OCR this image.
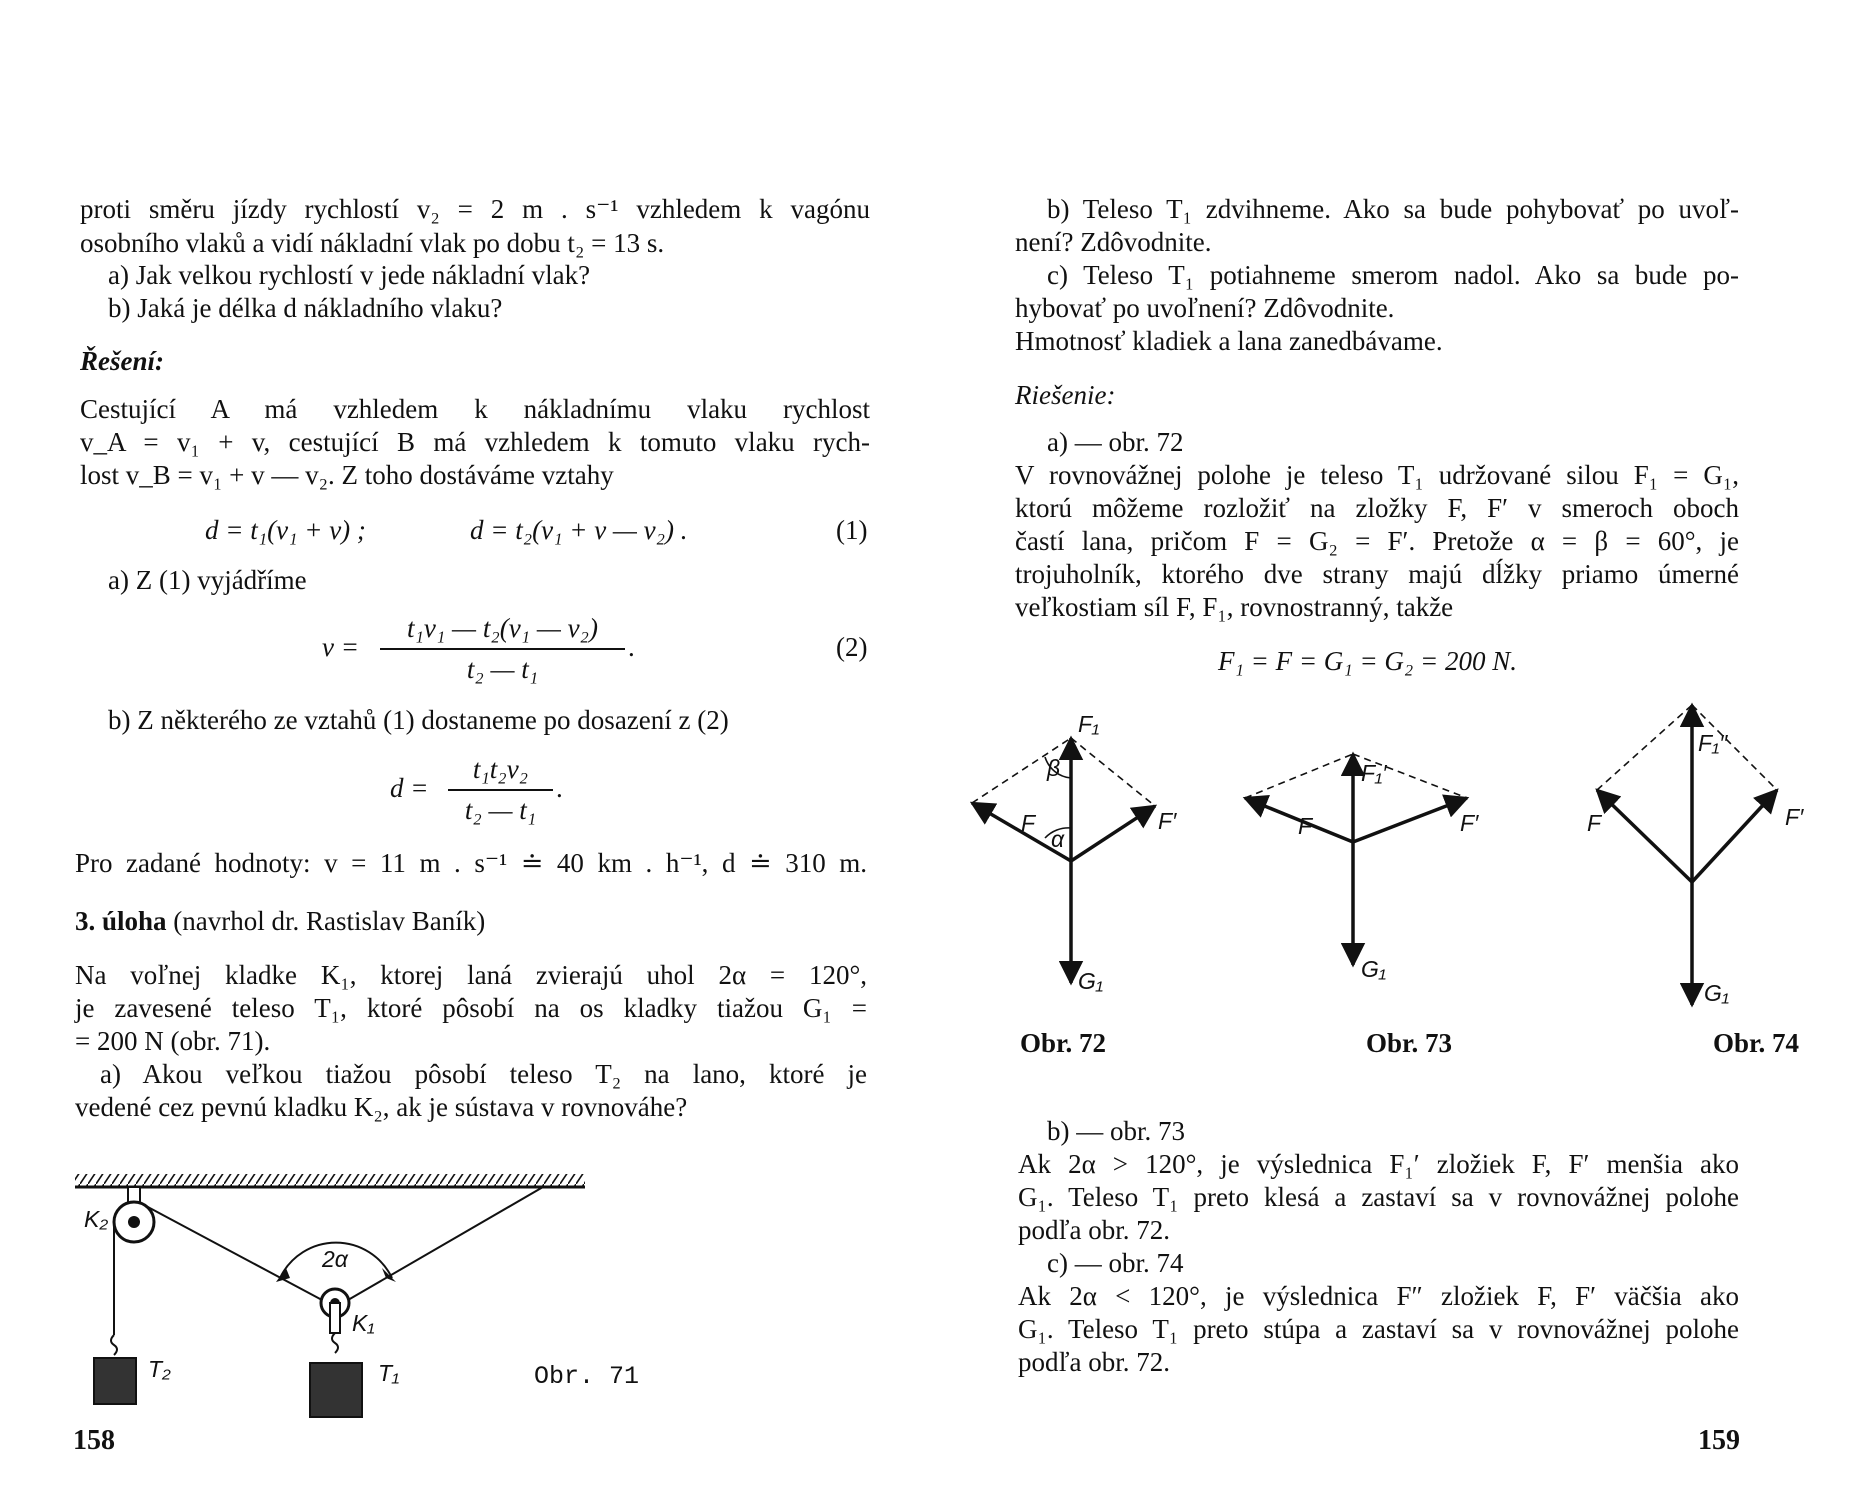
proti směru jízdy rychlostí v₂ = 2 m . s⁻¹ vzhledem k vagónu
osobního vlaků a vidí nákladní vlak po dobu t₂ = 13 s.
a) Jak velkou rychlostí v jede nákladní vlak?
b) Jaká je délka d nákladního vlaku?
Řešení:
Cestující A má vzhledem k nákladnímu vlaku rychlost
v_A = v₁ + v, cestující B má vzhledem k tomuto vlaku rych-
lost v_B = v₁ + v — v₂. Z toho dostáváme vztahy
d = t₁(v₁ + v) ;	d = t₂(v₁ + v — v₂) .	(1)
a) Z (1) vyjádříme
v =
t₁v₁ — t₂(v₁ — v₂)
t₂ — t₁
.	(2)
b) Z některého ze vztahů (1) dostaneme po dosazení z (2)
d =
t₁t₂v₂
t₂ — t₁
.
Pro zadané hodnoty: v = 11 m . s⁻¹ ≐ 40 km . h⁻¹, d ≐ 310 m.
3. úloha (navrhol dr. Rastislav Baník)
Na voľnej kladke K₁, ktorej laná zvierajú uhol 2α = 120°,
je zavesené teleso T₁, ktoré pôsobí na os kladky tiažou G₁ =
= 200 N (obr. 71).
a) Akou veľkou tiažou pôsobí teleso T₂ na lano, ktoré je
vedené cez pevnú kladku K₂, ak je sústava v rovnováhe?
K₂
2α
K₁
T₂	T₁	Obr. 71
158
b) Teleso T₁ zdvihneme. Ako sa bude pohybovať po uvoľ-
není? Zdôvodnite.
c) Teleso T₁ potiahneme smerom nadol. Ako sa bude po-
hybovať po uvoľnení? Zdôvodnite.
Hmotnosť kladiek a lana zanedbávame.
Riešenie:
a) — obr. 72
V rovnovážnej polohe je teleso T₁ udržované silou F₁ = G₁,
ktorú môžeme rozložiť na zložky F, F′ v smeroch oboch
častí lana, pričom F = G₂ = F′. Pretože α = β = 60°, je
trojuholník, ktorého dve strany majú dĺžky priamo úmerné
veľkostiam síl F, F₁, rovnostranný, takže
F₁ = F = G₁ = G₂ = 200 N.
F₁
β
α
F	F′
G₁
F₁′
F	F′
G₁
F₁″
F	F′
G₁
Obr. 72	Obr. 73	Obr. 74
b) — obr. 73
Ak 2α > 120°, je výslednica F₁′ zložiek F, F′ menšia ako
G₁. Teleso T₁ preto klesá a zastaví sa v rovnovážnej polohe
podľa obr. 72.
c) — obr. 74
Ak 2α < 120°, je výslednica F″ zložiek F, F′ väčšia ako
G₁. Teleso T₁ preto stúpa a zastaví sa v rovnovážnej polohe
podľa obr. 72.
159
